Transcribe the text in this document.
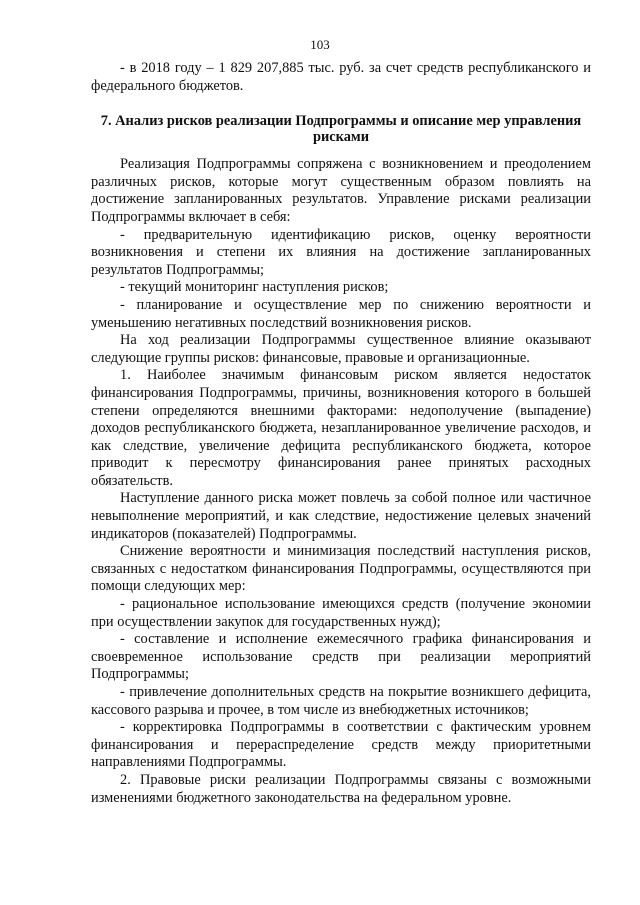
103

- в 2018 году – 1 829 207,885 тыс. руб. за счет средств республиканского и федерального бюджетов.

7. Анализ рисков реализации Подпрограммы и описание мер управления рисками

Реализация Подпрограммы сопряжена с возникновением и преодолением различных рисков, которые могут существенным образом повлиять на достижение запланированных результатов. Управление рисками реализации Подпрограммы включает в себя:

- предварительную идентификацию рисков, оценку вероятности возникновения и степени их влияния на достижение запланированных результатов Подпрограммы;

- текущий мониторинг наступления рисков;

- планирование и осуществление мер по снижению вероятности и уменьшению негативных последствий возникновения рисков.

На ход реализации Подпрограммы существенное влияние оказывают следующие группы рисков: финансовые, правовые и организационные.

1. Наиболее значимым финансовым риском является недостаток финансирования Подпрограммы, причины, возникновения которого в большей степени определяются внешними факторами: недополучение (выпадение) доходов республиканского бюджета, незапланированное увеличение расходов, и как следствие, увеличение дефицита республиканского бюджета, которое приводит к пересмотру финансирования ранее принятых расходных обязательств.

Наступление данного риска может повлечь за собой полное или частичное невыполнение мероприятий, и как следствие, недостижение целевых значений индикаторов (показателей) Подпрограммы.

Снижение вероятности и минимизация последствий наступления рисков, связанных с недостатком финансирования Подпрограммы, осуществляются при помощи следующих мер:

- рациональное использование имеющихся средств (получение экономии при осуществлении закупок для государственных нужд);

- составление и исполнение ежемесячного графика финансирования и своевременное использование средств при реализации мероприятий Подпрограммы;

- привлечение дополнительных средств на покрытие возникшего дефицита, кассового разрыва и прочее, в том числе из внебюджетных источников;

- корректировка Подпрограммы в соответствии с фактическим уровнем финансирования и перераспределение средств между приоритетными направлениями Подпрограммы.

2. Правовые риски реализации Подпрограммы связаны с возможными изменениями бюджетного законодательства на федеральном уровне.
